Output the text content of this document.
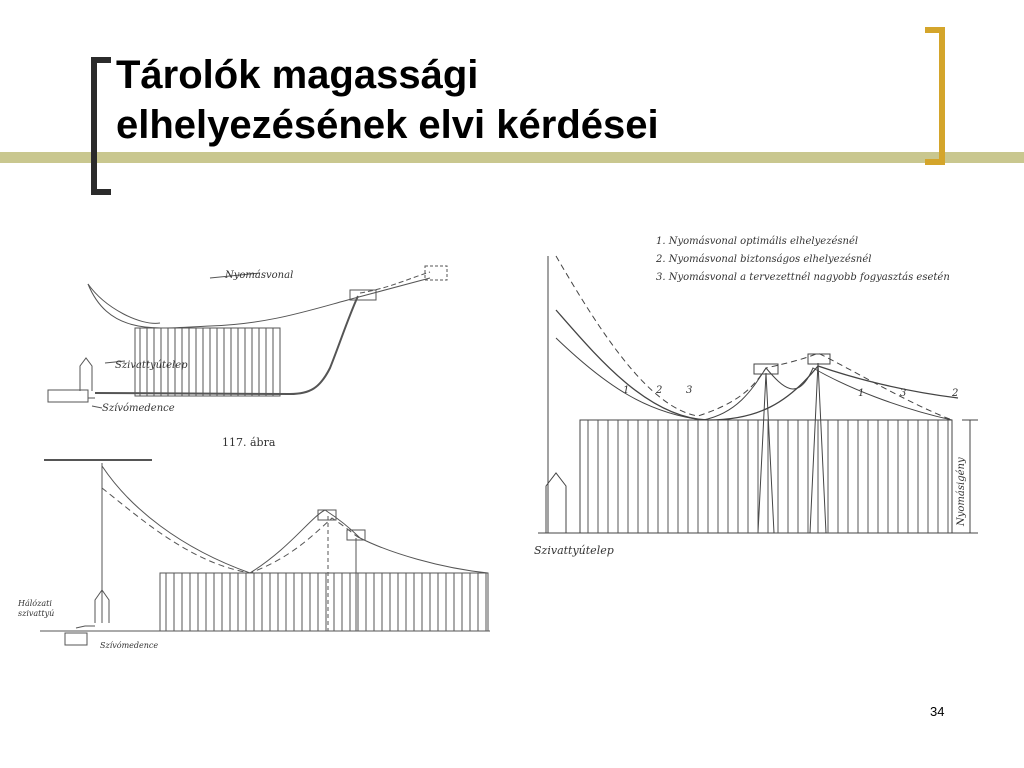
Tárolók magassági
elhelyezésének elvi kérdései
Nyomásvonal
Szivattyútelep
Szívómedence
117. ábra
Hálózati
szivattyú
Szívómedence
1. Nyomásvonal optimális elhelyezésnél
2. Nyomásvonal biztonságos elhelyezésnél
3. Nyomásvonal a tervezettnél nagyobb fogyasztás esetén
1	2 3	1	3	2
Szivattyútelep
Nyomásigény
34
